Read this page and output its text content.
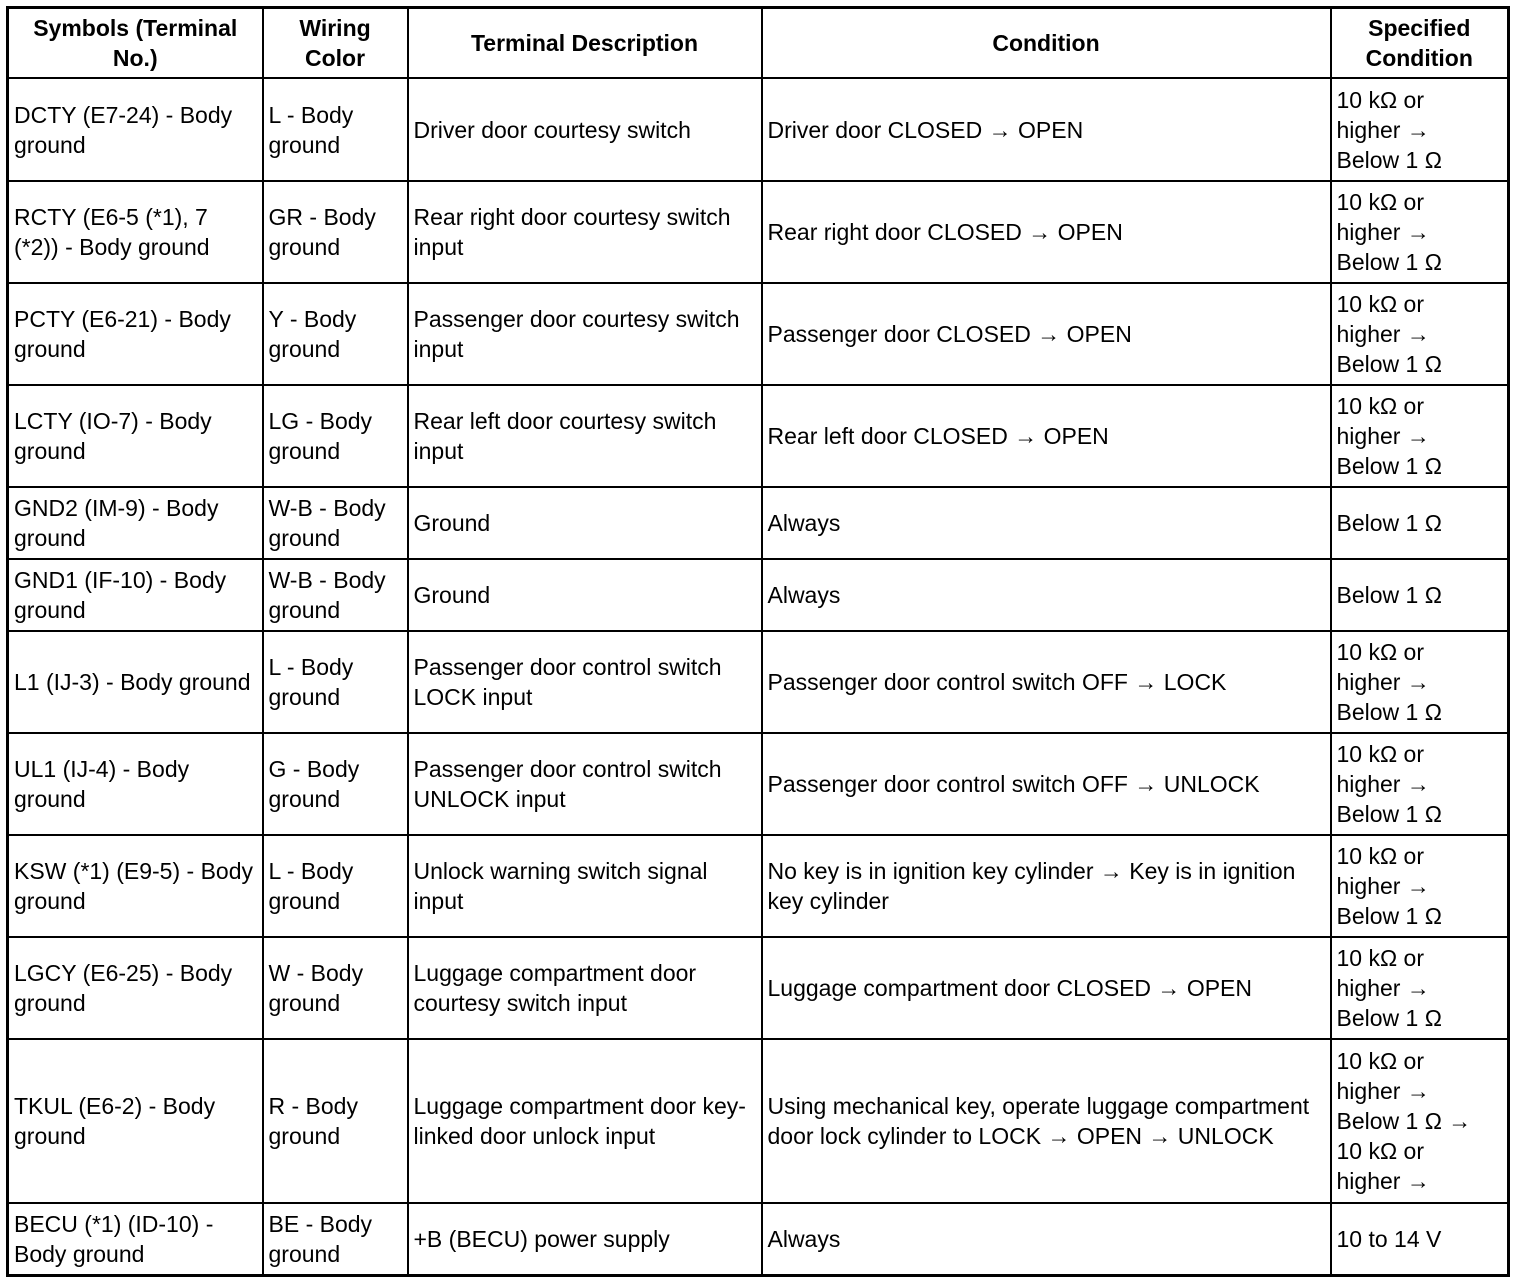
Symbols (Terminal No.)	Wiring Color	Terminal Description	Condition	Specified Condition

DCTY (E7-24) - Body ground	L - Body ground	Driver door courtesy switch	Driver door CLOSED → OPEN	10 kΩ or
higher →
Below 1 Ω

RCTY (E6-5 (*1), 7 (*2)) - Body ground	GR - Body ground	Rear right door courtesy switch input	Rear right door CLOSED → OPEN	10 kΩ or
higher →
Below 1 Ω

PCTY (E6-21) - Body ground	Y - Body ground	Passenger door courtesy switch input	Passenger door CLOSED → OPEN	10 kΩ or
higher →
Below 1 Ω

LCTY (IO-7) - Body ground	LG - Body ground	Rear left door courtesy switch input	Rear left door CLOSED → OPEN	10 kΩ or
higher →
Below 1 Ω

GND2 (IM-9) - Body ground	W-B - Body ground	Ground	Always	Below 1 Ω

GND1 (IF-10) - Body ground	W-B - Body ground	Ground	Always	Below 1 Ω

L1 (IJ-3) - Body ground	L - Body ground	Passenger door control switch LOCK input	Passenger door control switch OFF → LOCK	10 kΩ or
higher →
Below 1 Ω

UL1 (IJ-4) - Body ground	G - Body ground	Passenger door control switch UNLOCK input	Passenger door control switch OFF → UNLOCK	10 kΩ or
higher →
Below 1 Ω

KSW (*1) (E9-5) - Body ground	L - Body ground	Unlock warning switch signal input	No key is in ignition key cylinder → Key is in ignition key cylinder	10 kΩ or
higher →
Below 1 Ω

LGCY (E6-25) - Body ground	W - Body ground	Luggage compartment door courtesy switch input	Luggage compartment door CLOSED → OPEN	10 kΩ or
higher →
Below 1 Ω

TKUL (E6-2) - Body ground	R - Body ground	Luggage compartment door key-linked door unlock input	Using mechanical key, operate luggage compartment door lock cylinder to LOCK → OPEN → UNLOCK	10 kΩ or
higher →
Below 1 Ω →
10 kΩ or
higher →

BECU (*1) (ID-10) - Body ground	BE - Body ground	+B (BECU) power supply	Always	10 to 14 V
